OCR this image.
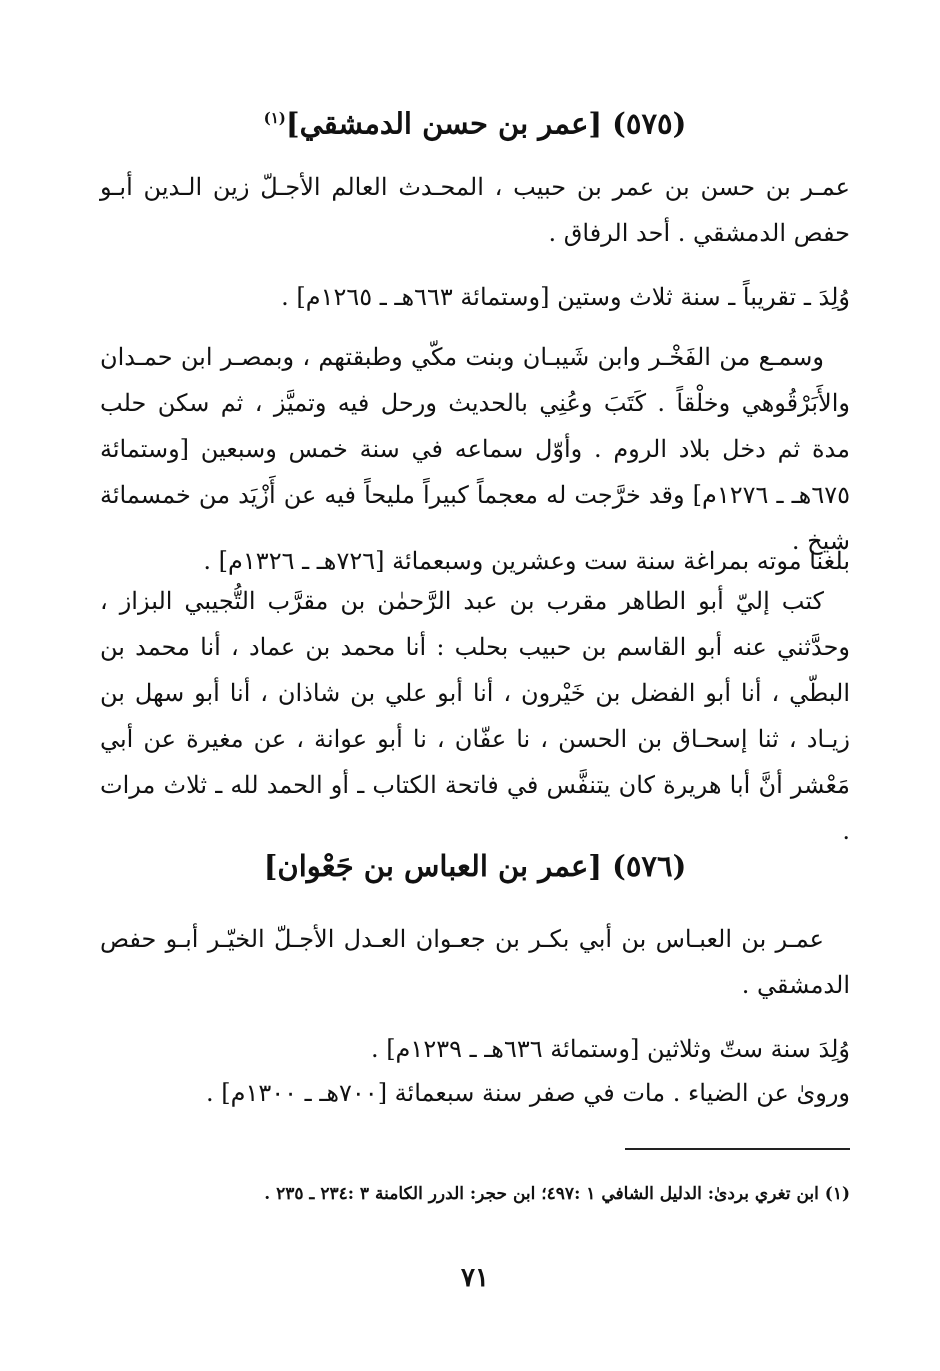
(٥٧٥) [عمر بن حسن الدمشقي]$^{(١)}$
عمـر بن حسن بن عمر بن حبيب ، المحـدث العالم الأجـلّ زين الـدين أبـو حفص الدمشقي . أحد الرفاق .
وُلِدَ ـ تقريباً ـ سنة ثلاث وستين [وستمائة ٦٦٣هـ ـ ١٢٦٥م] .
وسمـع من الفَخْـر وابن شَيبـان وبنت مكّي وطبقتهم ، وبمصـر ابن حمـدان والأَبَرْقُوهي وخلْقاً . كَتَبَ وعُنِي بالحديث ورحل فيه وتميَّز ، ثم سكن حلب مدة ثم دخل بلاد الروم . وأوّل سماعه في سنة خمس وسبعين [وستمائة ٦٧٥هـ ـ ١٢٧٦م] وقد خرَّجت له معجماً كبيراً مليحاً فيه عن أَزْيَد من خمسمائة شيخ .
بلغنا موته بمراغة سنة ست وعشرين وسبعمائة [٧٢٦هـ ـ ١٣٢٦م] .
كتب إليّ أبو الطاهر مقرب بن عبد الرَّحمٰن بن مقرَّب التُّجيبي البزاز ، وحدَّثني عنه أبو القاسم بن حبيب بحلب : أنا محمد بن عماد ، أنا محمد بن البطّي ، أنا أبو الفضل بن خَيْرون ، أنا أبو علي بن شاذان ، أنا أبو سهل بن زيـاد ، ثنا إسحـاق بن الحسن ، نا عفّان ، نا أبو عوانة ، عن مغيرة عن أبي مَعْشر أنَّ أبا هريرة كان يتنفَّس في فاتحة الكتاب ـ أو الحمد لله ـ ثلاث مرات .
(٥٧٦) [عمر بن العباس بن جَعْوان]
عمـر بن العبـاس بن أبي بكـر بن جعـوان العـدل الأجـلّ الخيّـر أبـو حفص الدمشقي .
وُلِدَ سنة ستّ وثلاثين [وستمائة ٦٣٦هـ ـ ١٢٣٩م] .
وروىٰ عن الضياء . مات في صفر سنة سبعمائة [٧٠٠هـ ـ ١٣٠٠م] .
(١) ابن تغري بردىٰ: الدليل الشافي ١ :٤٩٧؛ ابن حجر: الدرر الكامنة ٣ :٢٣٤ ـ ٢٣٥ .
٧١
